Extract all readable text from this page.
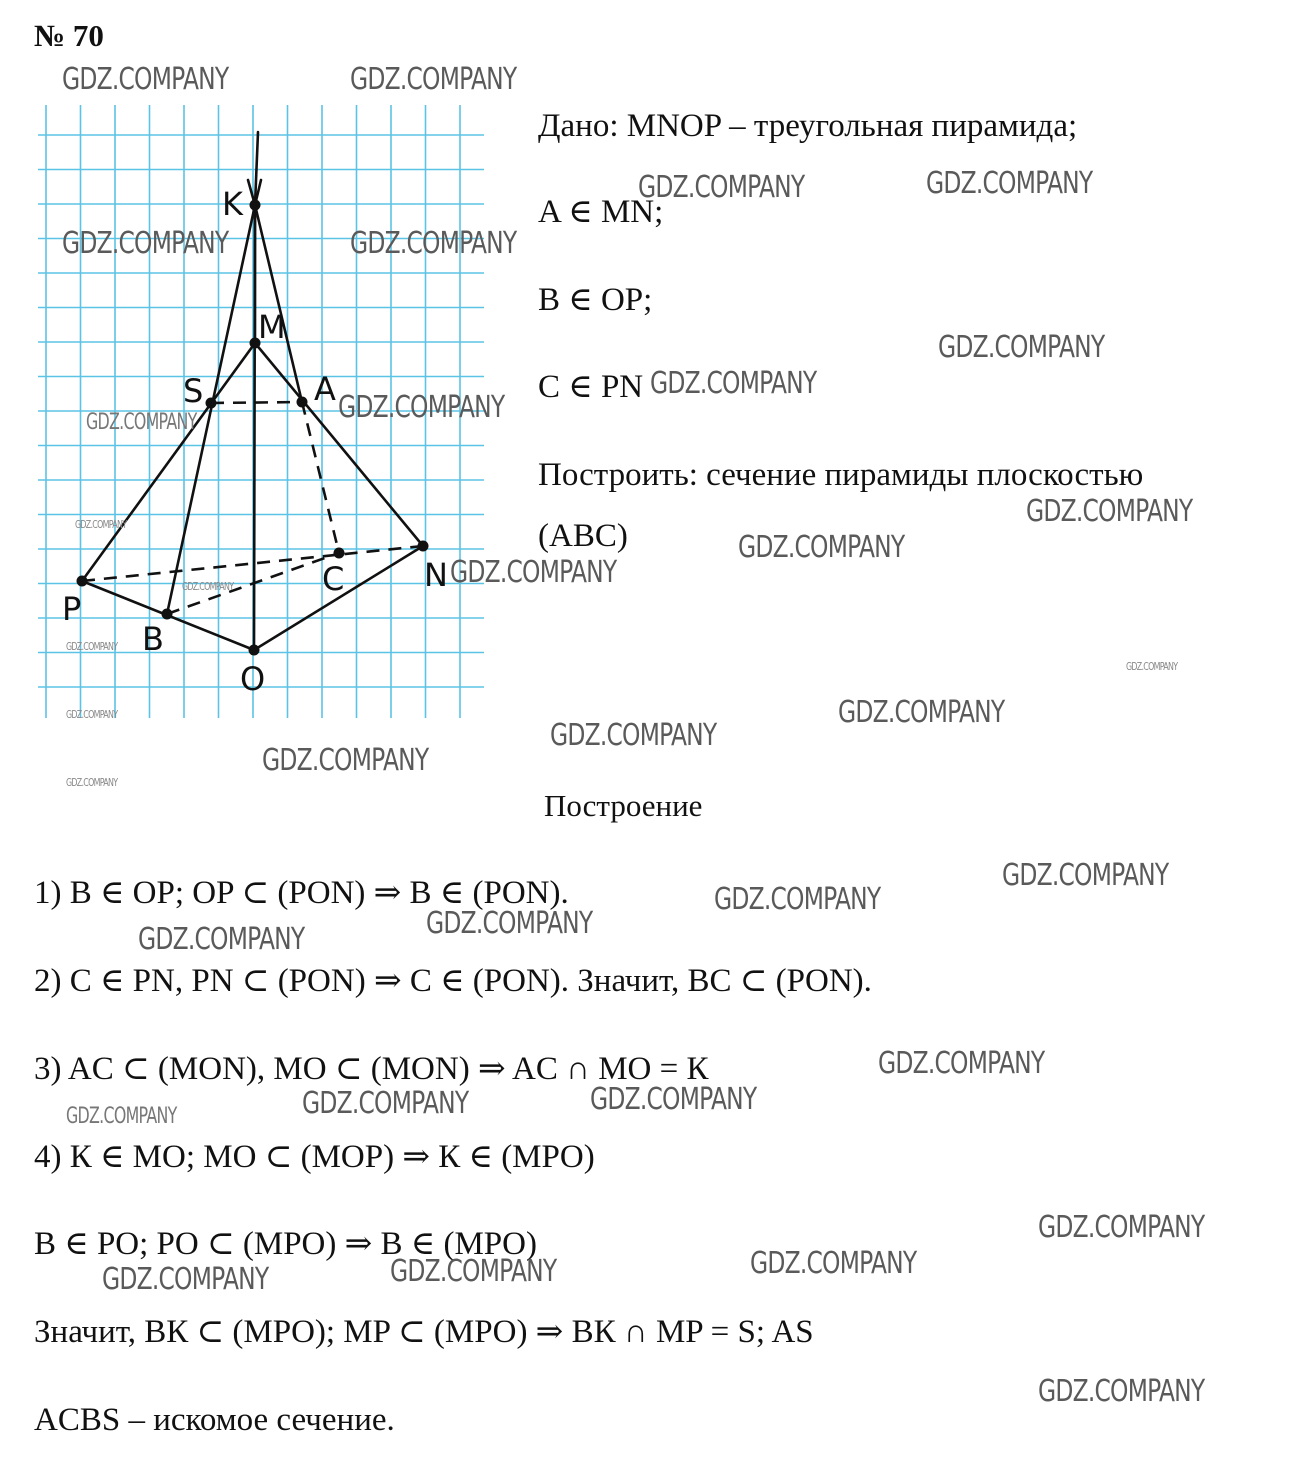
№ 70
K
M
S	A
C N
P
B
O
Дано: MNOP – треугольная пирамида;
A ∈ MN;
B ∈ OP;
C ∈ PN
Построить: сечение пирамиды плоскостью
(ABC)
Построение
1) B ∈ OP; OP ⊂ (PON) ⇒ B ∈ (PON).
2) C ∈ PN, PN ⊂ (PON) ⇒ C ∈ (PON). Значит, BC ⊂ (PON).
3) AC ⊂ (MON), MO ⊂ (MON) ⇒ AC ∩ MO = К
4) К ∈ MO; MO ⊂ (MOP) ⇒ К ∈ (MPO)
B ∈ PO; PO ⊂ (MPO) ⇒ B ∈ (MPO)
Значит, BК ⊂ (MPO); MP ⊂ (MPO) ⇒ BК ∩ MP = S; AS
ACBS – искомое сечение.
GDZ.COMPANY	GDZ.COMPANY
GDZ.COMPANY	GDZ.COMPANY
GDZ.COMPANY	GDZ.COMPANY
GDZ.COMPANY
GDZ.COMPANY
GDZ.COMPANY
GDZ.COMPANY
GDZ.COMPANY
GDZ.COMPANY
GDZ.COMPANY
GDZ.COMPANY
GDZ.COMPANY
GDZ.COMPANY
GDZ.COMPANY
GDZ.COMPANY
GDZ.COMPANY
GDZ.COMPANY
GDZ.COMPANY
GDZ.COMPANY
GDZ.COMPANY
GDZ.COMPANY
GDZ.COMPANY
GDZ.COMPANY
GDZ.COMPANY
GDZ.COMPANY
GDZ.COMPANY
GDZ.COMPANY
GDZ.COMPANY
GDZ.COMPANY
GDZ.COMPANY
GDZ.COMPANY
GDZ.COMPANY
